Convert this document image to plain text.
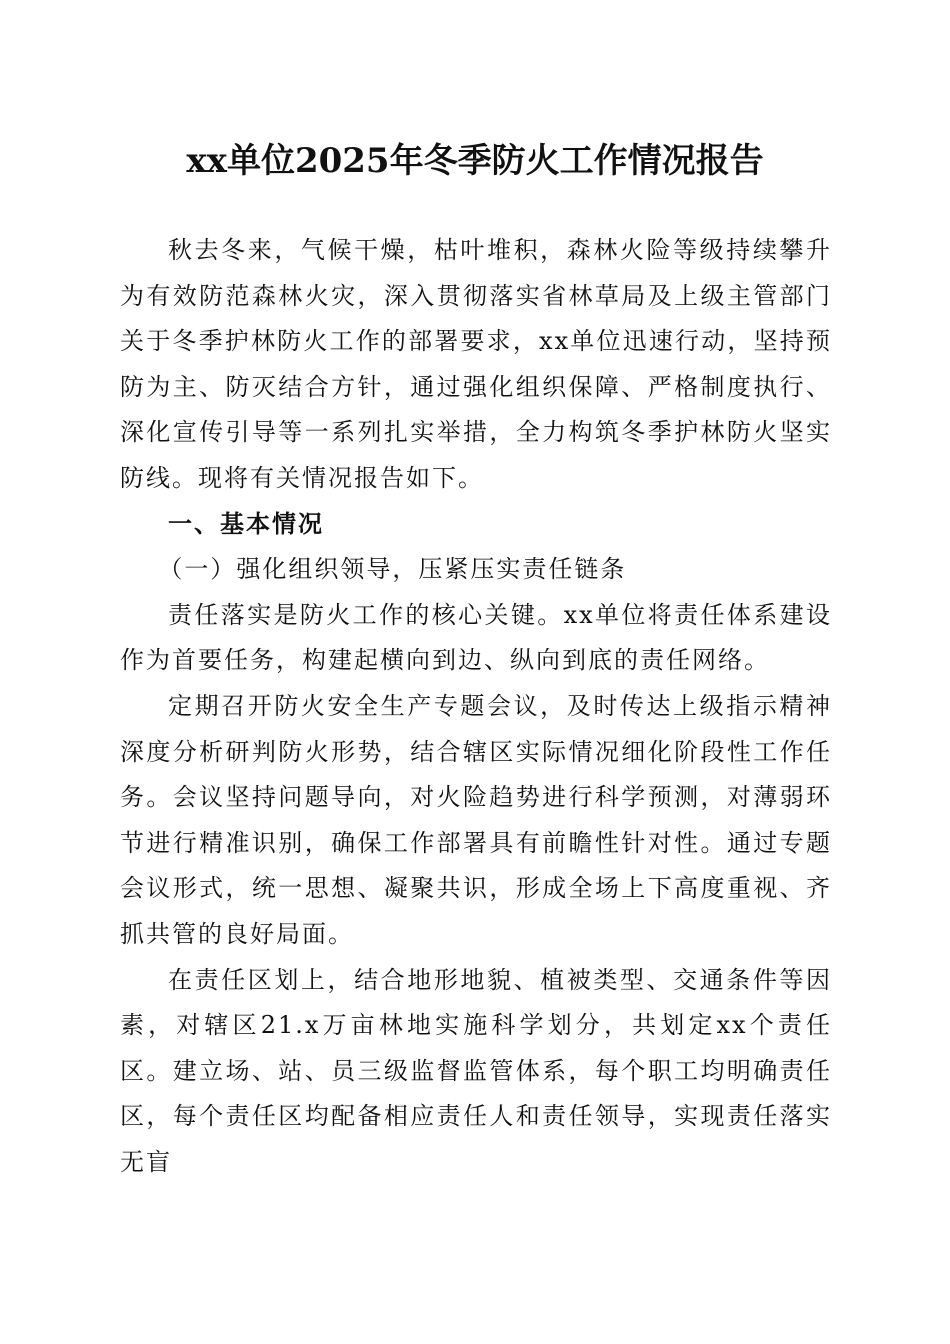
xx单位2025年冬季防火工作情况报告

秋去冬来，气候干燥，枯叶堆积，森林火险等级持续攀升为有效防范森林火灾，深入贯彻落实省林草局及上级主管部门关于冬季护林防火工作的部署要求，xx单位迅速行动，坚持预防为主、防灭结合方针，通过强化组织保障、严格制度执行、深化宣传引导等一系列扎实举措，全力构筑冬季护林防火坚实防线。现将有关情况报告如下。

一、基本情况
（一）强化组织领导，压紧压实责任链条

责任落实是防火工作的核心关键。xx单位将责任体系建设作为首要任务，构建起横向到边、纵向到底的责任网络。

定期召开防火安全生产专题会议，及时传达上级指示精神深度分析研判防火形势，结合辖区实际情况细化阶段性工作任务。会议坚持问题导向，对火险趋势进行科学预测，对薄弱环节进行精准识别，确保工作部署具有前瞻性针对性。通过专题会议形式，统一思想、凝聚共识，形成全场上下高度重视、齐抓共管的良好局面。

在责任区划上，结合地形地貌、植被类型、交通条件等因素，对辖区21.x万亩林地实施科学划分，共划定xx个责任区。建立场、站、员三级监督监管体系，每个职工均明确责任区，每个责任区均配备相应责任人和责任领导，实现责任落实无盲
